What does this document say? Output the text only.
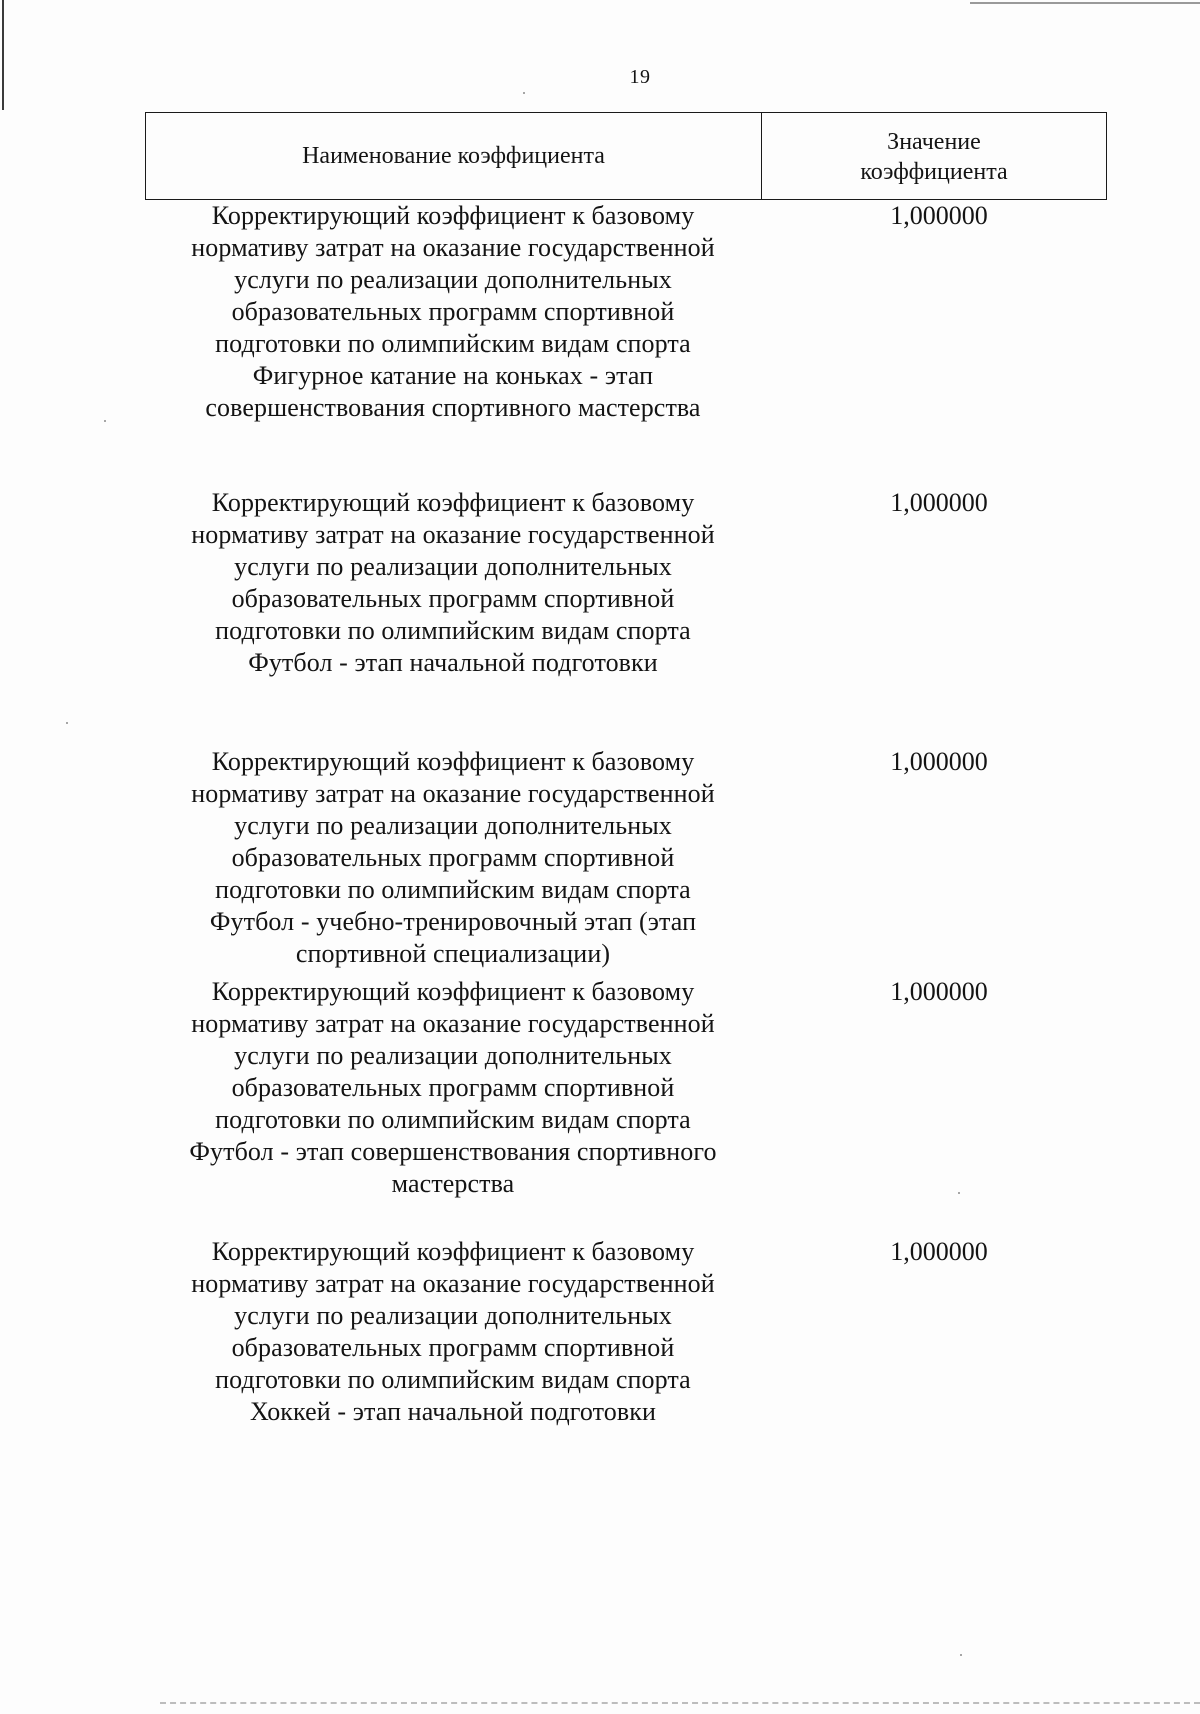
19
Наименование коэффициента
Значение
коэффициента
Корректирующий коэффициент к базовому
нормативу затрат на оказание государственной
услуги по реализации дополнительных
образовательных программ спортивной
подготовки по олимпийским видам спорта
Фигурное катание на коньках - этап
совершенствования спортивного мастерства
1,000000
Корректирующий коэффициент к базовому
нормативу затрат на оказание государственной
услуги по реализации дополнительных
образовательных программ спортивной
подготовки по олимпийским видам спорта
Футбол - этап начальной подготовки
1,000000
Корректирующий коэффициент к базовому
нормативу затрат на оказание государственной
услуги по реализации дополнительных
образовательных программ спортивной
подготовки по олимпийским видам спорта
Футбол - учебно-тренировочный этап (этап
спортивной специализации)
1,000000
Корректирующий коэффициент к базовому
нормативу затрат на оказание государственной
услуги по реализации дополнительных
образовательных программ спортивной
подготовки по олимпийским видам спорта
Футбол - этап совершенствования спортивного
мастерства
1,000000
Корректирующий коэффициент к базовому
нормативу затрат на оказание государственной
услуги по реализации дополнительных
образовательных программ спортивной
подготовки по олимпийским видам спорта
Хоккей - этап начальной подготовки
1,000000
